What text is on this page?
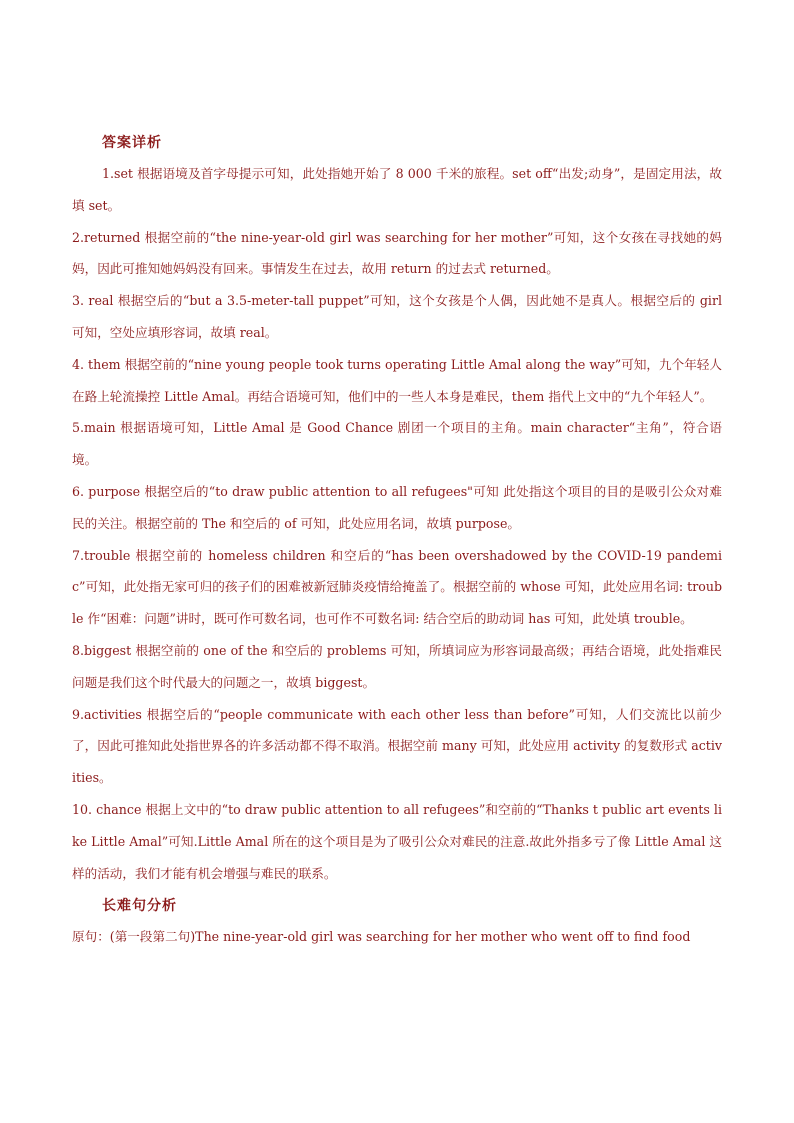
答案详析

1.set 根据语境及首字母提示可知，此处指她开始了 8 000 千米的旅程。set off“出发;动身”，是固定用法，故填 set。

2.returned 根据空前的“the nine-year-old girl was searching for her mother”可知，这个女孩在寻找她的妈妈，因此可推知她妈妈没有回来。事情发生在过去，故用 return 的过去式 returned。

3. real 根据空后的“but a 3.5-meter-tall puppet”可知，这个女孩是个人偶，因此她不是真人。根据空后的 girl 可知，空处应填形容词，故填 real。

4. them 根据空前的“nine young people took turns operating Little Amal along the way”可知，九个年轻人在路上轮流操控 Little Amal。再结合语境可知，他们中的一些人本身是难民，them 指代上文中的“九个年轻人”。

5.main 根据语境可知，Little Amal 是 Good Chance 剧团一个项目的主角。main character“主角”，符合语境。

6. purpose 根据空后的“to draw public attention to all refugees"可知 此处指这个项目的目的是吸引公众对难民的关注。根据空前的 The 和空后的 of 可知，此处应用名词，故填 purpose。

7.trouble 根据空前的 homeless children 和空后的“has been overshadowed by the COVID-19 pandemic”可知，此处指无家可归的孩子们的困难被新冠肺炎疫情给掩盖了。根据空前的 whose 可知，此处应用名词: trouble 作“困难：问题”讲时，既可作可数名词，也可作不可数名词: 结合空后的助动词 has 可知，此处填 trouble。

8.biggest 根据空前的 one of the 和空后的 problems 可知，所填词应为形容词最高级；再结合语境，此处指难民问题是我们这个时代最大的问题之一，故填 biggest。

9.activities 根据空后的“people communicate with each other less than before”可知，人们交流比以前少了，因此可推知此处指世界各的许多活动都不得不取消。根据空前 many 可知，此处应用 activity 的复数形式 activities。

10. chance 根据上文中的“to draw public attention to all refugees”和空前的“Thanks t public art events like Little Amal”可知.Little Amal 所在的这个项目是为了吸引公众对难民的注意.故此外指多亏了像 Little Amal 这样的活动，我们才能有机会增强与难民的联系。

长难句分析

原句：(第一段第二句)The nine-year-old girl was searching for her mother who went off to find food
